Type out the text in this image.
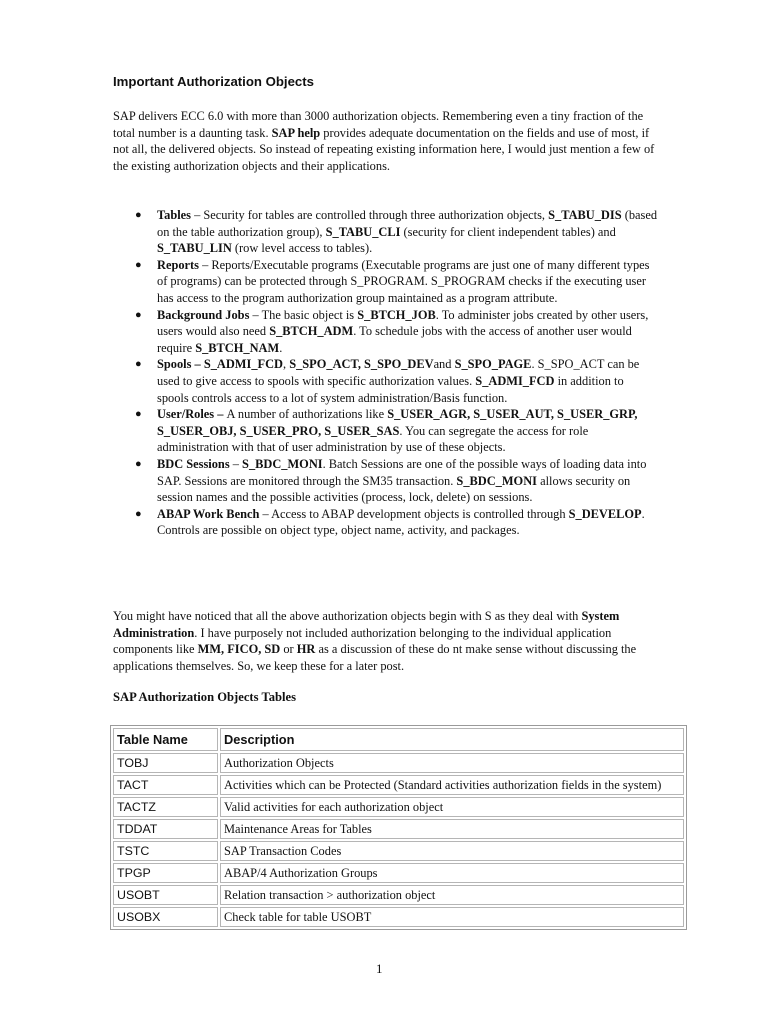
Important Authorization Objects

SAP delivers ECC 6.0 with more than 3000 authorization objects. Remembering even a tiny fraction of the total number is a daunting task. SAP help provides adequate documentation on the fields and use of most, if not all, the delivered objects. So instead of repeating existing information here, I would just mention a few of the existing authorization objects and their applications.

● Tables – Security for tables are controlled through three authorization objects, S_TABU_DIS (based on the table authorization group), S_TABU_CLI (security for client independent tables) and S_TABU_LIN (row level access to tables).
● Reports – Reports/Executable programs (Executable programs are just one of many different types of programs) can be protected through S_PROGRAM. S_PROGRAM checks if the executing user has access to the program authorization group maintained as a program attribute.
● Background Jobs – The basic object is S_BTCH_JOB. To administer jobs created by other users, users would also need S_BTCH_ADM. To schedule jobs with the access of another user would require S_BTCH_NAM.
● Spools – S_ADMI_FCD, S_SPO_ACT, S_SPO_DEVand S_SPO_PAGE. S_SPO_ACT can be used to give access to spools with specific authorization values. S_ADMI_FCD in addition to spools controls access to a lot of system administration/Basis function.
● User/Roles – A number of authorizations like S_USER_AGR, S_USER_AUT, S_USER_GRP, S_USER_OBJ, S_USER_PRO, S_USER_SAS. You can segregate the access for role administration with that of user administration by use of these objects.
● BDC Sessions – S_BDC_MONI. Batch Sessions are one of the possible ways of loading data into SAP. Sessions are monitored through the SM35 transaction. S_BDC_MONI allows security on session names and the possible activities (process, lock, delete) on sessions.
● ABAP Work Bench – Access to ABAP development objects is controlled through S_DEVELOP. Controls are possible on object type, object name, activity, and packages.

You might have noticed that all the above authorization objects begin with S as they deal with System Administration. I have purposely not included authorization belonging to the individual application components like MM, FICO, SD or HR as a discussion of these do nt make sense without discussing the applications themselves. So, we keep these for a later post.

SAP Authorization Objects Tables
Table Name	Description
TOBJ	Authorization Objects
TACT	Activities which can be Protected (Standard activities authorization fields in the system)
TACTZ	Valid activities for each authorization object
TDDAT	Maintenance Areas for Tables
TSTC	SAP Transaction Codes
TPGP	ABAP/4 Authorization Groups
USOBT	Relation transaction > authorization object
USOBX	Check table for table USOBT
1
